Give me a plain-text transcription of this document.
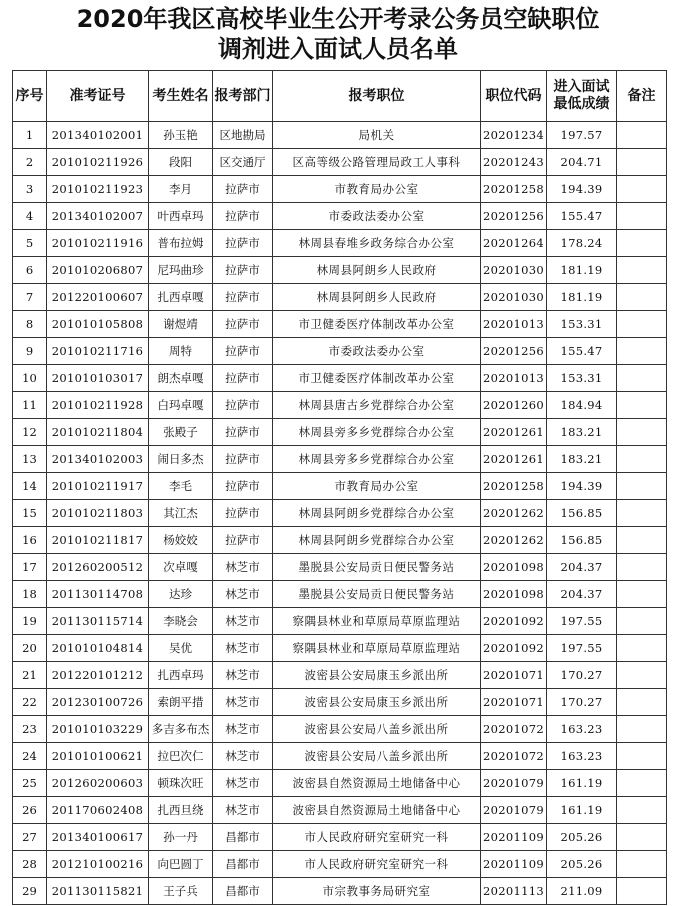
2020年我区高校毕业生公开考录公务员空缺职位
调剂进入面试人员名单
序号	准考证号	考生姓名	报考部门	报考职位	职位代码	进入面试最低成绩	备注
1	201340102001	孙玉艳	区地勘局	局机关	20201234	197.57	
2	201010211926	段阳	区交通厅	区高等级公路管理局政工人事科	20201243	204.71	
3	201010211923	李月	拉萨市	市教育局办公室	20201258	194.39	
4	201340102007	叶西卓玛	拉萨市	市委政法委办公室	20201256	155.47	
5	201010211916	普布拉姆	拉萨市	林周县春堆乡政务综合办公室	20201264	178.24	
6	201010206807	尼玛曲珍	拉萨市	林周县阿朗乡人民政府	20201030	181.19	
7	201220100607	扎西卓嘎	拉萨市	林周县阿朗乡人民政府	20201030	181.19	
8	201010105808	谢煜靖	拉萨市	市卫健委医疗体制改革办公室	20201013	153.31	
9	201010211716	周特	拉萨市	市委政法委办公室	20201256	155.47	
10	201010103017	朗杰卓嘎	拉萨市	市卫健委医疗体制改革办公室	20201013	153.31	
11	201010211928	白玛卓嘎	拉萨市	林周县唐古乡党群综合办公室	20201260	184.94	
12	201010211804	张殿子	拉萨市	林周县旁多乡党群综合办公室	20201261	183.21	
13	201340102003	闹日多杰	拉萨市	林周县旁多乡党群综合办公室	20201261	183.21	
14	201010211917	李毛	拉萨市	市教育局办公室	20201258	194.39	
15	201010211803	其江杰	拉萨市	林周县阿朗乡党群综合办公室	20201262	156.85	
16	201010211817	杨姣姣	拉萨市	林周县阿朗乡党群综合办公室	20201262	156.85	
17	201260200512	次卓嘎	林芝市	墨脱县公安局贡日便民警务站	20201098	204.37	
18	201130114708	达珍	林芝市	墨脱县公安局贡日便民警务站	20201098	204.37	
19	201130115714	李晓会	林芝市	察隅县林业和草原局草原监理站	20201092	197.55	
20	201010104814	吴优	林芝市	察隅县林业和草原局草原监理站	20201092	197.55	
21	201220101212	扎西卓玛	林芝市	波密县公安局康玉乡派出所	20201071	170.27	
22	201230100726	索朗平措	林芝市	波密县公安局康玉乡派出所	20201071	170.27	
23	201010103229	多吉多布杰	林芝市	波密县公安局八盖乡派出所	20201072	163.23	
24	201010100621	拉巴次仁	林芝市	波密县公安局八盖乡派出所	20201072	163.23	
25	201260200603	顿珠次旺	林芝市	波密县自然资源局土地储备中心	20201079	161.19	
26	201170602408	扎西旦绕	林芝市	波密县自然资源局土地储备中心	20201079	161.19	
27	201340100617	孙一丹	昌都市	市人民政府研究室研究一科	20201109	205.26	
28	201210100216	向巴圆丁	昌都市	市人民政府研究室研究一科	20201109	205.26	
29	201130115821	王子兵	昌都市	市宗教事务局研究室	20201113	211.09	
